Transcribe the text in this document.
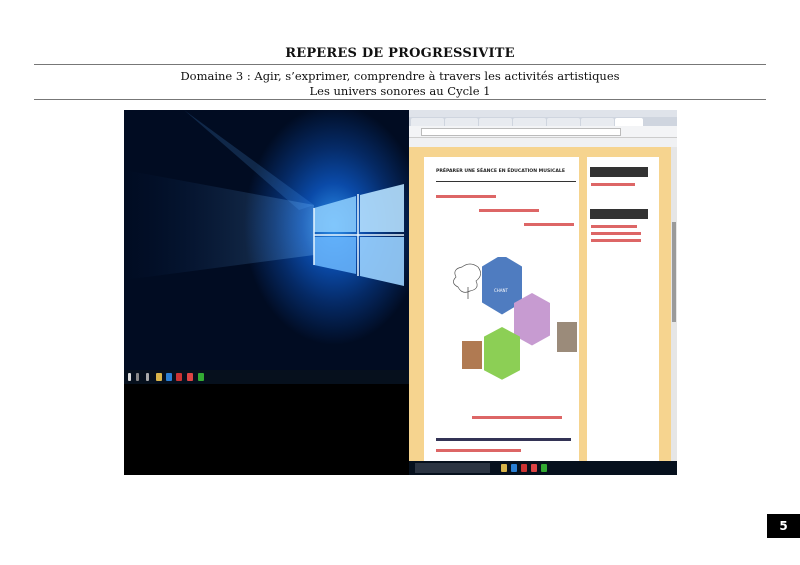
REPERES DE PROGRESSIVITE
Domaine 3 : Agir, s’exprimer, comprendre à travers les activités artistiques
Les univers sonores au Cycle 1
PRÉPARER UNE SÉANCE EN ÉDUCATION MUSICALE
CHANT
5
